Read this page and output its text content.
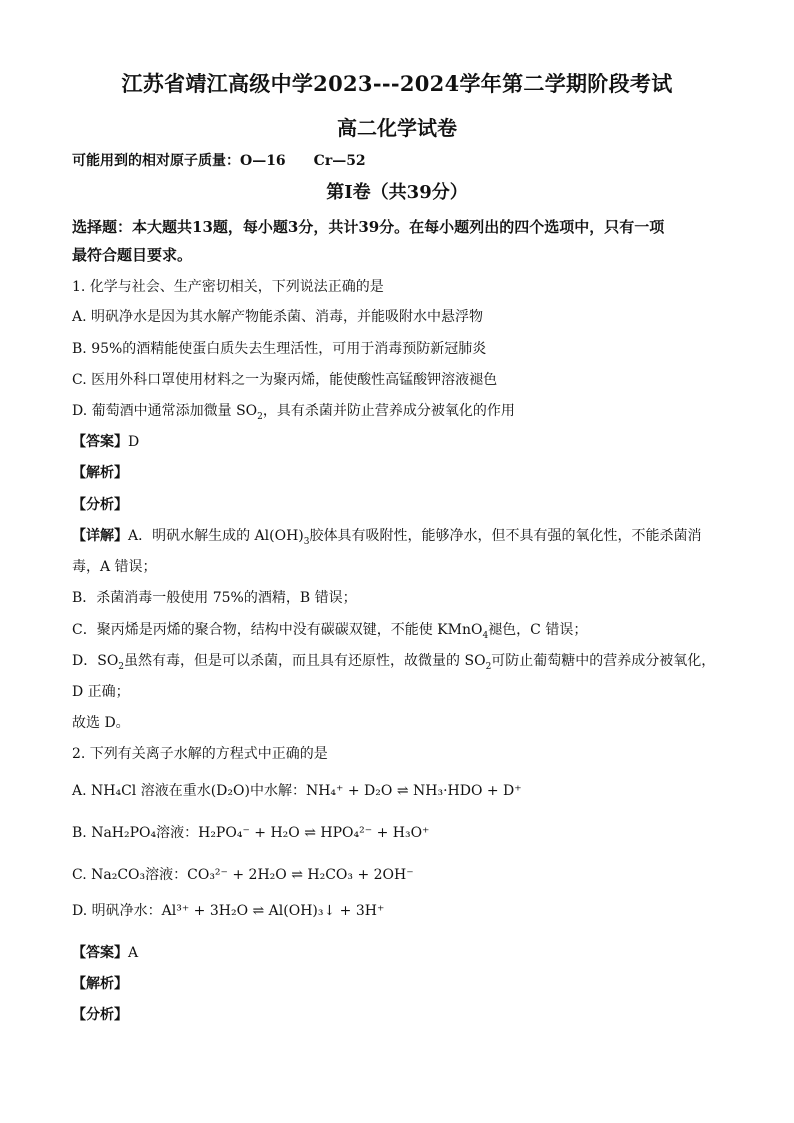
江苏省靖江高级中学2023---2024学年第二学期阶段考试
高二化学试卷
可能用到的相对原子质量：O—16　　Cr—52
第Ⅰ卷（共39分）
选择题：本大题共13题，每小题3分，共计39分。在每小题列出的四个选项中，只有一项
最符合题目要求。
1. 化学与社会、生产密切相关，下列说法正确的是
A. 明矾净水是因为其水解产物能杀菌、消毒，并能吸附水中悬浮物
B. 95%的酒精能使蛋白质失去生理活性，可用于消毒预防新冠肺炎
C. 医用外科口罩使用材料之一为聚丙烯，能使酸性高锰酸钾溶液褪色
D. 葡萄酒中通常添加微量 $SO_2$，具有杀菌并防止营养成分被氧化的作用
【答案】D
【解析】
【分析】
【详解】A．明矾水解生成的 $Al(OH)_3$胶体具有吸附性，能够净水，但不具有强的氧化性，不能杀菌消
毒，A 错误；
B．杀菌消毒一般使用 75%的酒精，B 错误；
C．聚丙烯是丙烯的聚合物，结构中没有碳碳双键，不能使 KMnO$_4$褪色，C 错误；
D．$SO_2$虽然有毒，但是可以杀菌，而且具有还原性，故微量的 $SO_2$可防止葡萄糖中的营养成分被氧化，
D 正确；
故选 D。
2. 下列有关离子水解的方程式中正确的是
A. NH₄Cl 溶液在重水(D₂O)中水解：NH₄⁺ + D₂O ⇌ NH₃·HDO + D⁺
B. NaH₂PO₄溶液：H₂PO₄⁻ + H₂O ⇌ HPO₄²⁻ + H₃O⁺
C. Na₂CO₃溶液：CO₃²⁻ + 2H₂O ⇌ H₂CO₃ + 2OH⁻
D. 明矾净水：Al³⁺ + 3H₂O ⇌ Al(OH)₃↓ + 3H⁺
【答案】A
【解析】
【分析】
